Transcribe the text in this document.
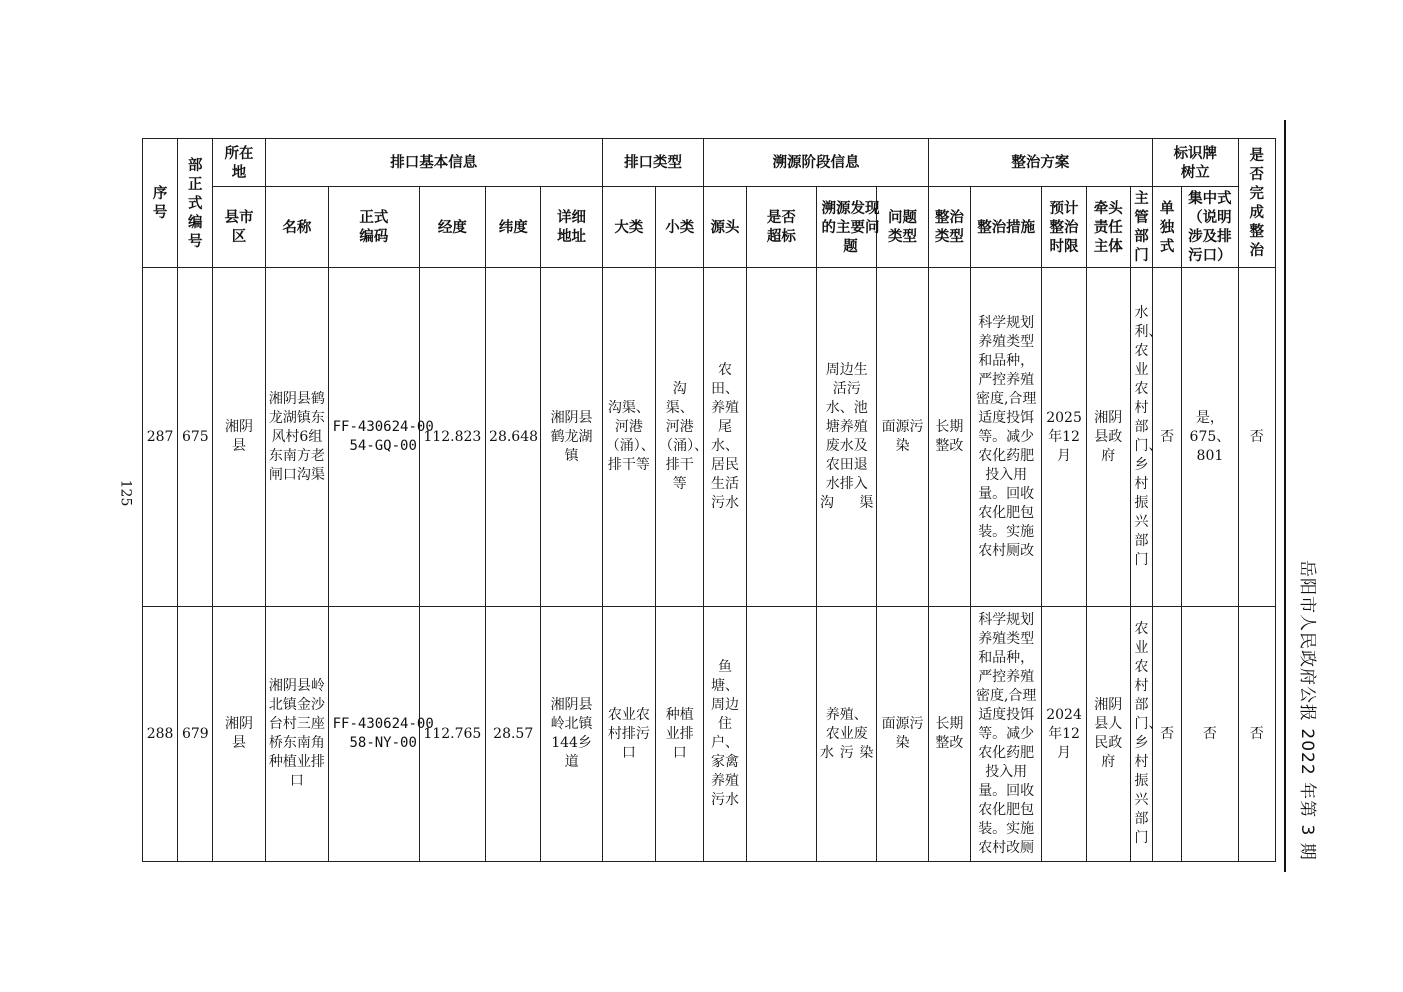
125
岳阳市人民政府公报 2022 年第 3 期
序号	部正式编号	所在地	排口基本信息					排口类型		溯源阶段信息				整治方案					标识牌树立		是否完成整治
		县市区	名称	正式编码	经度	纬度	详细地址	大类	小类	源头	是否超标	溯源发现的主要问题	问题类型	整治类型	整治措施	预计整治时限	牵头责任主体	主管部门	单独式	集中式（说明涉及排污口）	
287	675	湘阴县	湘阴县鹤龙湖镇东风村6组东南方老闸口沟渠	FF-430624-0054-GQ-00	112.823	28.648	湘阴县鹤龙湖镇	沟渠、河港（涌）、排干等	沟渠、河港（涌）、排干等	农田、养殖尾水、居民生活污水		周边生活污水、池塘养殖废水及农田退水排入沟渠	面源污染	长期整改	科学规划养殖类型和品种，严控养殖密度,合理适度投饵等。减少农化药肥投入用量。回收农化肥包装。实施农村厕改	2025年12月	湘阴县政府	水利、农业农村部门、乡村振兴部门	否	是，675、801	否
288	679	湘阴县	湘阴县岭北镇金沙台村三座桥东南角种植业排口	FF-430624-0058-NY-00	112.765	28.57	湘阴县岭北镇144乡道	农业农村排污口	种植业排口	鱼塘、周边住户、家禽养殖污水		养殖、农业废水污染	面源污染	长期整改	科学规划养殖类型和品种，严控养殖密度,合理适度投饵等。减少农化药肥投入用量。回收农化肥包装。实施农村改厕	2024年12月	湘阴县人民政府	农业农村部门、乡村振兴部门	否	否	否
